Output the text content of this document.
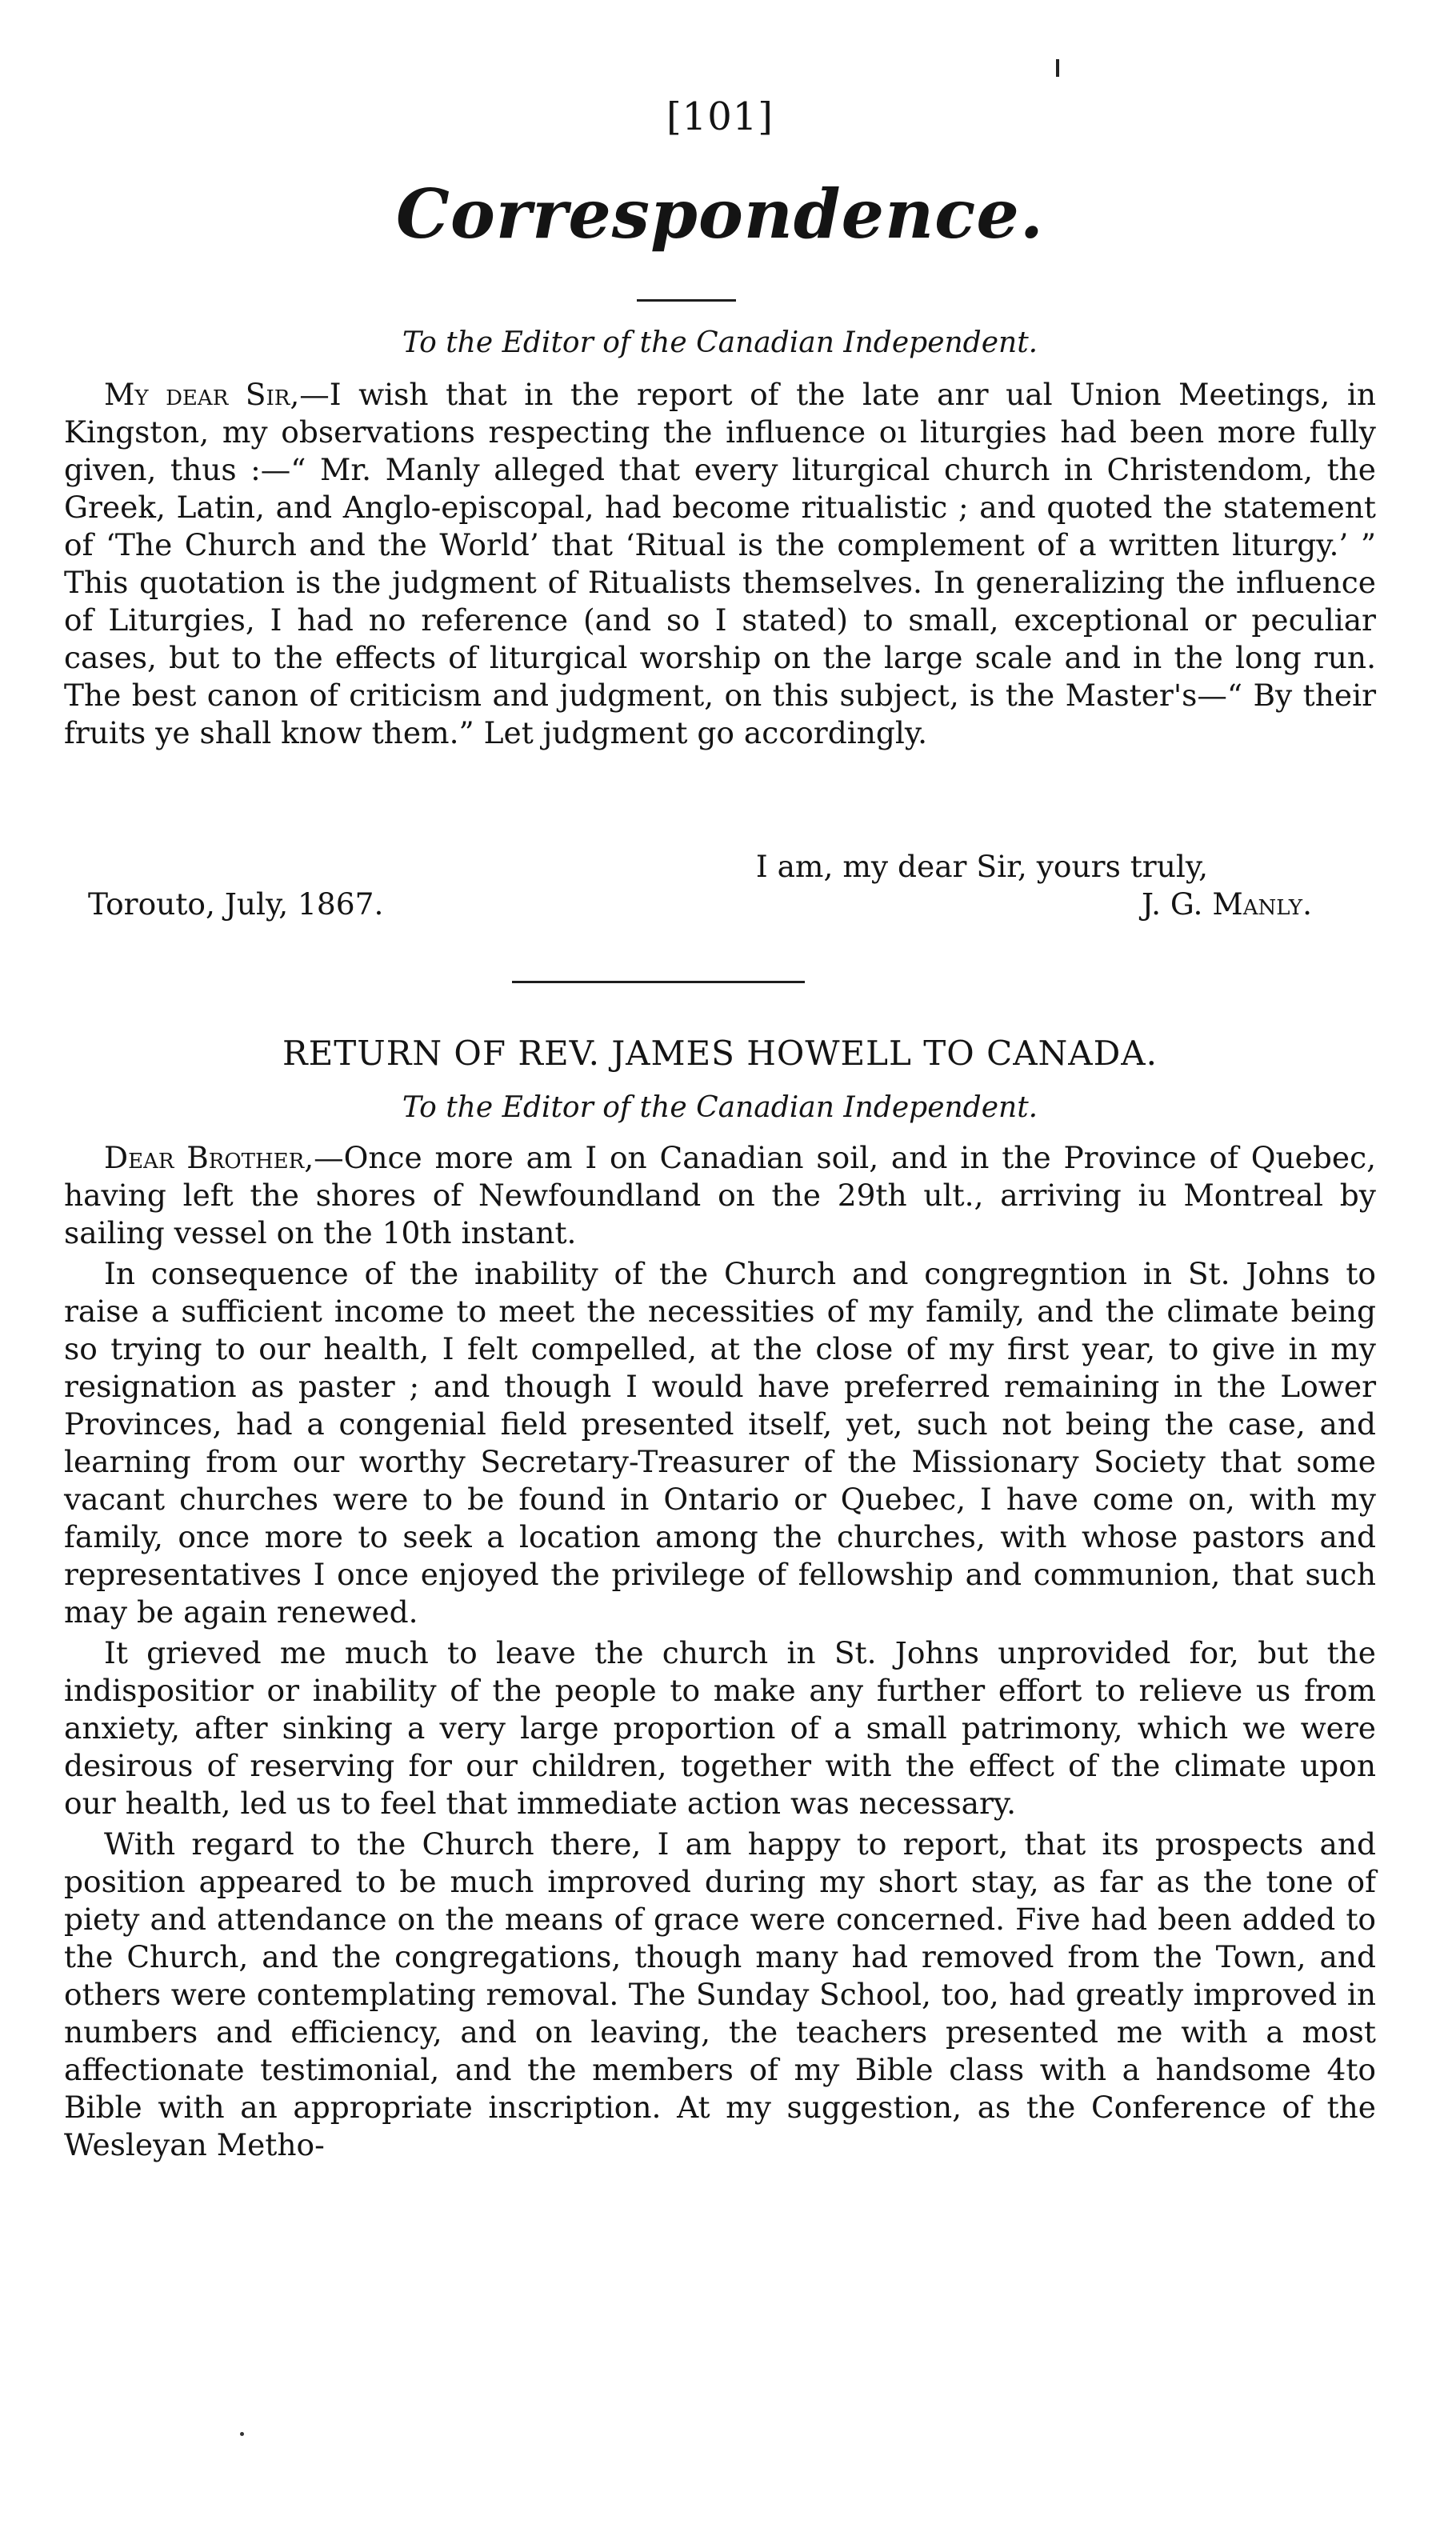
[101]
Correspondence.
To the Editor of the Canadian Independent.

My dear Sir,—I wish that in the report of the late anr ual Union Meetings, in Kingston, my observations respecting the influence oı liturgies had been more fully given, thus :—“ Mr. Manly alleged that every liturgical church in Christendom, the Greek, Latin, and Anglo-episcopal, had become ritualistic ; and quoted the statement of ‘The Church and the World’ that ‘Ritual is the complement of a written liturgy.’ ” This quotation is the judgment of Ritualists themselves. In generalizing the influence of Liturgies, I had no reference (and so I stated) to small, exceptional or peculiar cases, but to the effects of liturgical worship on the large scale and in the long run. The best canon of criticism and judgment, on this subject, is the Master's—“ By their fruits ye shall know them.” Let judgment go accordingly.

I am, my dear Sir, yours truly,
Torouto, July, 1867.	J. G. Manly.
RETURN OF REV. JAMES HOWELL TO CANADA.
To the Editor of the Canadian Independent.

Dear Brother,—Once more am I on Canadian soil, and in the Province of Quebec, having left the shores of Newfoundland on the 29th ult., arriving iu Montreal by sailing vessel on the 10th instant.

In consequence of the inability of the Church and congregntion in St. Johns to raise a sufficient income to meet the necessities of my family, and the climate being so trying to our health, I felt compelled, at the close of my first year, to give in my resignation as paster ; and though I would have preferred remaining in the Lower Provinces, had a congenial field presented itself, yet, such not being the case, and learning from our worthy Secretary-Treasurer of the Missionary Society that some vacant churches were to be found in Ontario or Quebec, I have come on, with my family, once more to seek a location among the churches, with whose pastors and representatives I once enjoyed the privilege of fellowship and communion, that such may be again renewed.

It grieved me much to leave the church in St. Johns unprovided for, but the indispositior or inability of the people to make any further effort to relieve us from anxiety, after sinking a very large proportion of a small patrimony, which we were desirous of reserving for our children, together with the effect of the climate upon our health, led us to feel that immediate action was necessary.

With regard to the Church there, I am happy to report, that its prospects and position appeared to be much improved during my short stay, as far as the tone of piety and attendance on the means of grace were concerned. Five had been added to the Church, and the congregations, though many had removed from the Town, and others were contemplating removal. The Sunday School, too, had greatly improved in numbers and efficiency, and on leaving, the teachers presented me with a most affectionate testimonial, and the members of my Bible class with a handsome 4to Bible with an appropriate inscription. At my suggestion, as the Conference of the Wesleyan Metho-
